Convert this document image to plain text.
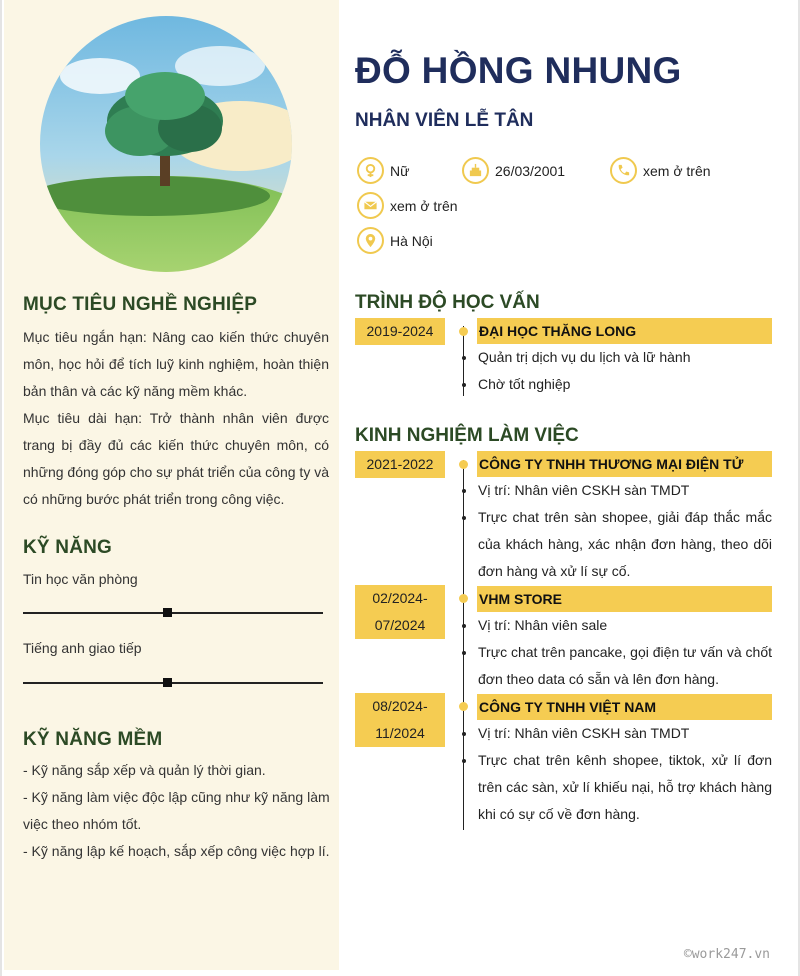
MỤC TIÊU NGHỀ NGHIỆP

Mục tiêu ngắn hạn: Nâng cao kiến thức chuyên môn, học hỏi để tích luỹ kinh nghiệm, hoàn thiện bản thân và các kỹ năng mềm khác.

Mục tiêu dài hạn: Trở thành nhân viên được trang bị đầy đủ các kiến thức chuyên môn, có những đóng góp cho sự phát triển của công ty và có những bước phát triển trong công việc.

KỸ NĂNG
Tin học văn phòng
Tiếng anh giao tiếp
KỸ NĂNG MỀM
- Kỹ năng sắp xếp và quản lý thời gian.
- Kỹ năng làm việc độc lập cũng như kỹ năng làm việc theo nhóm tốt.
- Kỹ năng lập kế hoạch, sắp xếp công việc hợp lí.
ĐỖ HỒNG NHUNG
NHÂN VIÊN LỄ TÂN
Nữ	26/03/2001	xem ở trên
xem ở trên
Hà Nội
TRÌNH ĐỘ HỌC VẤN
2019-2024	ĐẠI HỌC THĂNG LONG
Quản trị dịch vụ du lịch và lữ hành
Chờ tốt nghiệp
KINH NGHIỆM LÀM VIỆC
2021-2022	CÔNG TY TNHH THƯƠNG MẠI ĐIỆN TỬ
Vị trí: Nhân viên CSKH sàn TMDT
Trực chat trên sàn shopee, giải đáp thắc mắc của khách hàng, xác nhận đơn hàng, theo dõi đơn hàng và xử lí sự cố.
02/2024-07/2024
VHM STORE
Vị trí: Nhân viên sale
Trực chat trên pancake, gọi điện tư vấn và chốt đơn theo data có sẵn và lên đơn hàng.
08/2024-11/2024
CÔNG TY TNHH VIỆT NAM
Vị trí: Nhân viên CSKH sàn TMDT
Trực chat trên kênh shopee, tiktok, xử lí đơn trên các sàn, xử lí khiếu nại, hỗ trợ khách hàng khi có sự cố về đơn hàng.
©work247.vn
